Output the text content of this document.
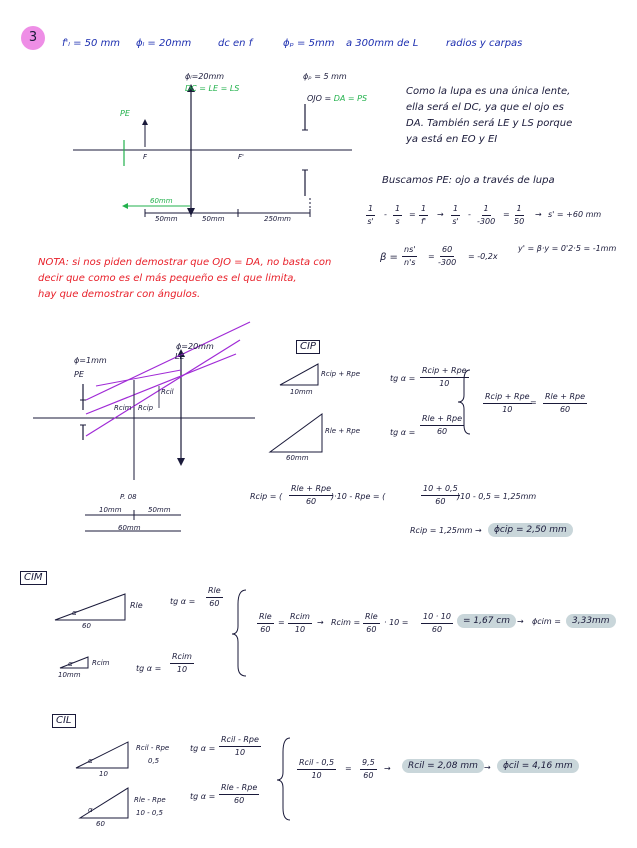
3	f'ₗ = 50 mm ϕₗ = 20mm	dc en f	ϕₚ = 5mm a 300mm de L	radios y carpas
ϕₗ=20mm
DC = LE = LS
ϕₚ = 5 mm
OJO = DA = PS
PE
F	F'
60mm
50mm	50mm	250mm
Como la lupa es una única lente,
ella será el DC, ya que el ojo es
DA. También será LE y LS porque
ya está en EO y EI
Buscamos PE: ojo a través de lupa
$\frac{1}{s'} - \frac{1}{s} = \frac{1}{f'} \to \frac{1}{s'} - \frac{1}{-300} = \frac{1}{50} \to s' = +60$ mm
$\beta = \frac{ns'}{n's} = \frac{60}{-300} = -0,2x$
y' = β·y = 0'2·5 = -1mm
NOTA: si nos piden demostrar que OJO = DA, no basta con
decir que como es el más pequeño es el que limita,
hay que demostrar con ángulos.
ϕ=20mm
LE
ϕ=1mm
PE
Rcim Rcip
Rcil
P. 08
10mm	50mm
60mm
CIP
Rcip + Rpe
10mm
tg α =
Rcip + Rpe
10
Rle + Rpe
60mm
tg α =
Rle + Rpe
60
Rcip + Rpe
10
=
Rle + Rpe
60
Rcip = (
Rle + Rpe
60
)·10 - Rpe = (	$\frac{10 + 0,5}{60}$
)10 - 0,5 = 1,25mm
Rcip = 1,25mm →	ϕcip = 2,50 mm
CIM
Rle
60
α
tg α =
Rle
60
Rcim
10mm
α	tg α =
Rcim
10
Rle
60
=
Rcim
10
→ Rcim =
Rle
60
· $10 = \frac{10 \cdot 10}{60}$	= 1,67 cm → ϕcim =	3,33mm
CIL
Rcil - Rpe
0,5
10
α
tg α =
Rcil - Rpe
10
Rle - Rpe
10 - 0,5
60
α
tg α =
Rle - Rpe
60
Rcil - 0,5
10
= $\frac{9,5}{60}$ →	Rcil = 2,08 mm →	ϕcil = 4,16 mm
